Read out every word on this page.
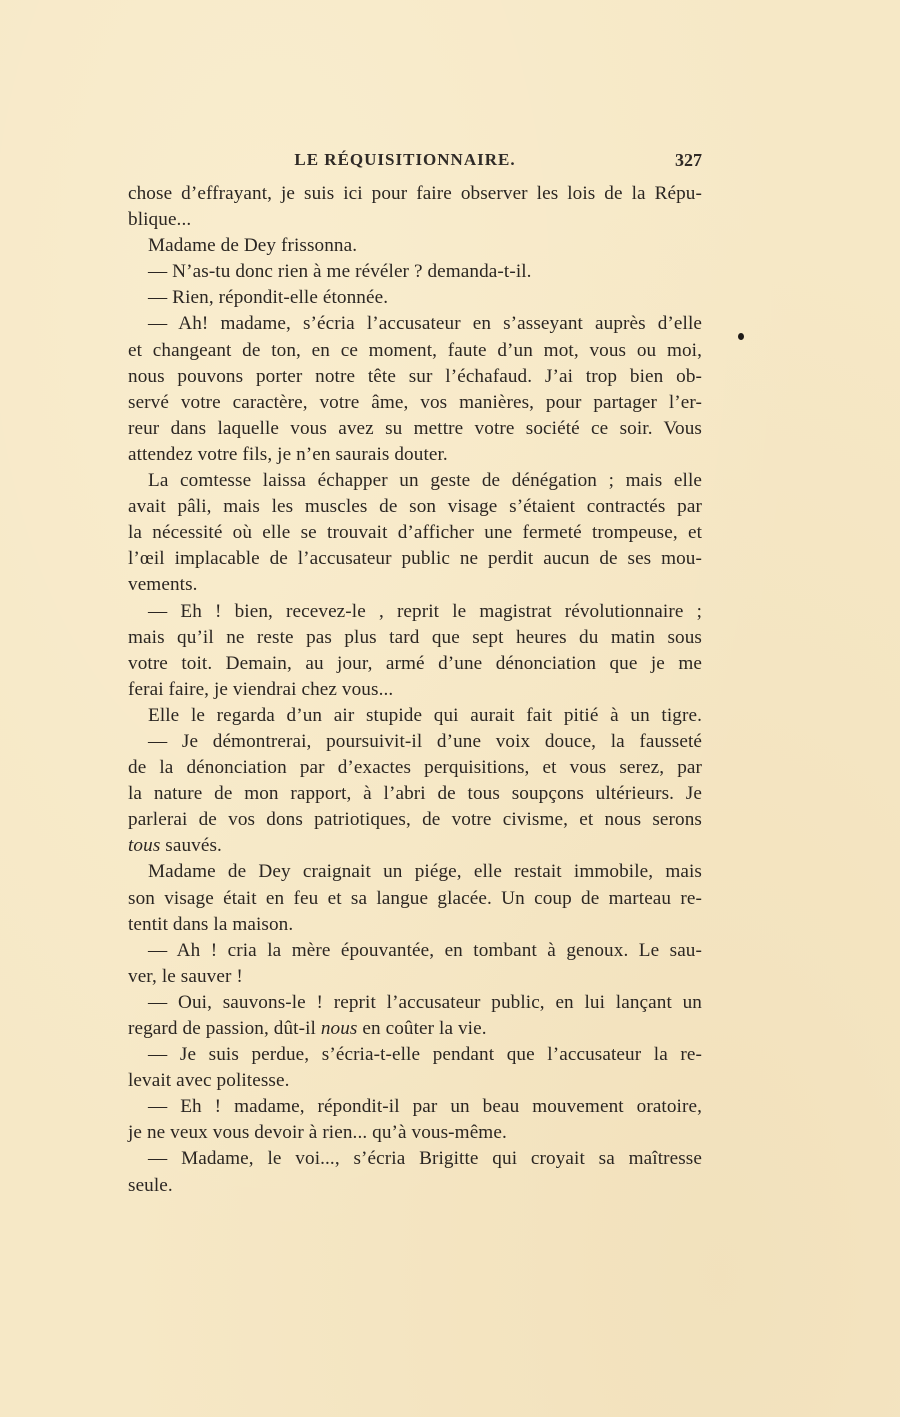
LE RÉQUISITIONNAIRE.	327

chose d’effrayant, je suis ici pour faire observer les lois de la Répu-
blique...

Madame de Dey frissonna.

— N’as-tu donc rien à me révéler ? demanda-t-il.

— Rien, répondit-elle étonnée.

— Ah! madame, s’écria l’accusateur en s’asseyant auprès d’elle
et changeant de ton, en ce moment, faute d’un mot, vous ou moi,
nous pouvons porter notre tête sur l’échafaud. J’ai trop bien ob-
servé votre caractère, votre âme, vos manières, pour partager l’er-
reur dans laquelle vous avez su mettre votre société ce soir. Vous
attendez votre fils, je n’en saurais douter.

La comtesse laissa échapper un geste de dénégation ; mais elle
avait pâli, mais les muscles de son visage s’étaient contractés par
la nécessité où elle se trouvait d’afficher une fermeté trompeuse, et
l’œil implacable de l’accusateur public ne perdit aucun de ses mou-
vements.

— Eh ! bien, recevez-le , reprit le magistrat révolutionnaire ;
mais qu’il ne reste pas plus tard que sept heures du matin sous
votre toit. Demain, au jour, armé d’une dénonciation que je me
ferai faire, je viendrai chez vous...

Elle le regarda d’un air stupide qui aurait fait pitié à un tigre.

— Je démontrerai, poursuivit-il d’une voix douce, la fausseté
de la dénonciation par d’exactes perquisitions, et vous serez, par
la nature de mon rapport, à l’abri de tous soupçons ultérieurs. Je
parlerai de vos dons patriotiques, de votre civisme, et nous serons
tous sauvés.

Madame de Dey craignait un piége, elle restait immobile, mais
son visage était en feu et sa langue glacée. Un coup de marteau re-
tentit dans la maison.

— Ah ! cria la mère épouvantée, en tombant à genoux. Le sau-
ver, le sauver !

— Oui, sauvons-le ! reprit l’accusateur public, en lui lançant un
regard de passion, dût-il nous en coûter la vie.

— Je suis perdue, s’écria-t-elle pendant que l’accusateur la re-
levait avec politesse.

— Eh ! madame, répondit-il par un beau mouvement oratoire,
je ne veux vous devoir à rien... qu’à vous-même.

— Madame, le voi..., s’écria Brigitte qui croyait sa maîtresse
seule.
